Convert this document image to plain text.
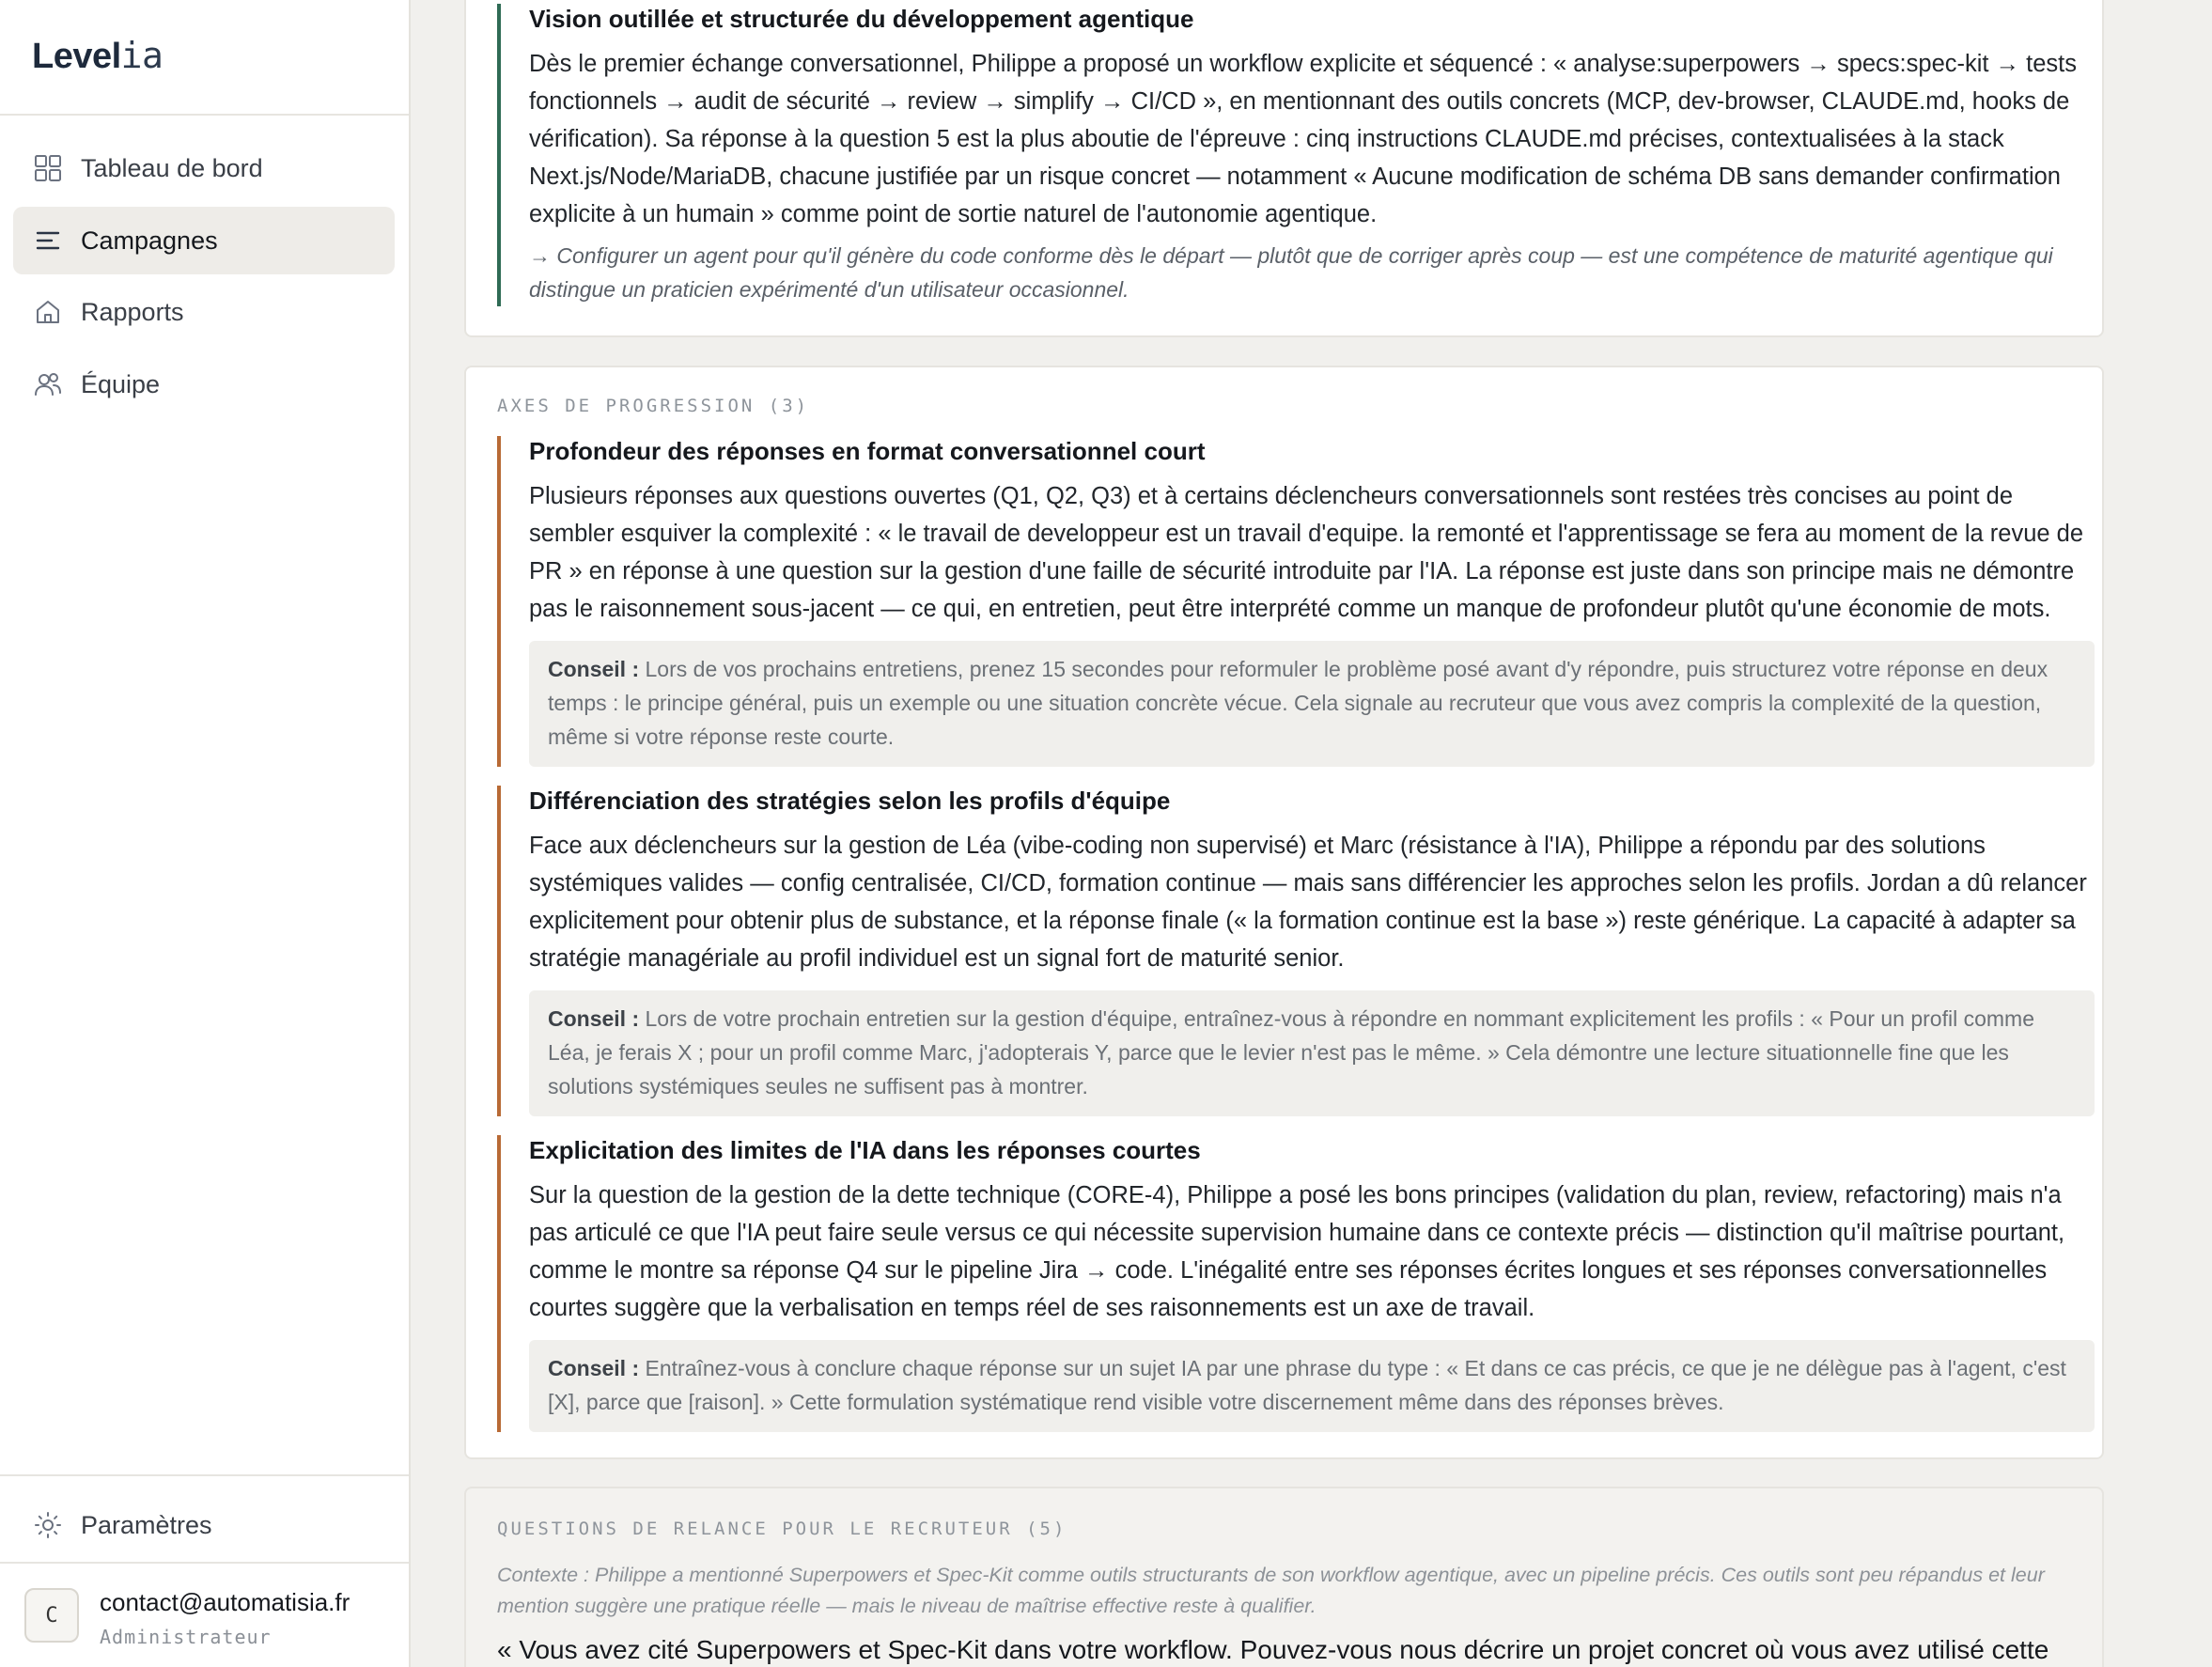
Levelia
Tableau de bord
Campagnes
Rapports
Équipe
Paramètres
C	contact@automatisia.fr
Administrateur
Vision outillée et structurée du développement agentique
Dès le premier échange conversationnel, Philippe a proposé un workflow explicite et séquencé : « analyse:superpowers → specs:spec-kit → tests fonctionnels → audit de sécurité → review → simplify → CI/CD », en mentionnant des outils concrets (MCP, dev-browser, CLAUDE.md, hooks de vérification). Sa réponse à la question 5 est la plus aboutie de l'épreuve : cinq instructions CLAUDE.md précises, contextualisées à la stack Next.js/Node/MariaDB, chacune justifiée par un risque concret — notamment « Aucune modification de schéma DB sans demander confirmation explicite à un humain » comme point de sortie naturel de l'autonomie agentique.
→ Configurer un agent pour qu'il génère du code conforme dès le départ — plutôt que de corriger après coup — est une compétence de maturité agentique qui distingue un praticien expérimenté d'un utilisateur occasionnel.
AXES DE PROGRESSION (3)
Profondeur des réponses en format conversationnel court
Plusieurs réponses aux questions ouvertes (Q1, Q2, Q3) et à certains déclencheurs conversationnels sont restées très concises au point de sembler esquiver la complexité : « le travail de developpeur est un travail d'equipe. la remonté et l'apprentissage se fera au moment de la revue de PR » en réponse à une question sur la gestion d'une faille de sécurité introduite par l'IA. La réponse est juste dans son principe mais ne démontre pas le raisonnement sous-jacent — ce qui, en entretien, peut être interprété comme un manque de profondeur plutôt qu'une économie de mots.
Conseil : Lors de vos prochains entretiens, prenez 15 secondes pour reformuler le problème posé avant d'y répondre, puis structurez votre réponse en deux temps : le principe général, puis un exemple ou une situation concrète vécue. Cela signale au recruteur que vous avez compris la complexité de la question, même si votre réponse reste courte.
Différenciation des stratégies selon les profils d'équipe
Face aux déclencheurs sur la gestion de Léa (vibe-coding non supervisé) et Marc (résistance à l'IA), Philippe a répondu par des solutions systémiques valides — config centralisée, CI/CD, formation continue — mais sans différencier les approches selon les profils. Jordan a dû relancer explicitement pour obtenir plus de substance, et la réponse finale (« la formation continue est la base ») reste générique. La capacité à adapter sa stratégie managériale au profil individuel est un signal fort de maturité senior.
Conseil : Lors de votre prochain entretien sur la gestion d'équipe, entraînez-vous à répondre en nommant explicitement les profils : « Pour un profil comme Léa, je ferais X ; pour un profil comme Marc, j'adopterais Y, parce que le levier n'est pas le même. » Cela démontre une lecture situationnelle fine que les solutions systémiques seules ne suffisent pas à montrer.
Explicitation des limites de l'IA dans les réponses courtes
Sur la question de la gestion de la dette technique (CORE-4), Philippe a posé les bons principes (validation du plan, review, refactoring) mais n'a pas articulé ce que l'IA peut faire seule versus ce qui nécessite supervision humaine dans ce contexte précis — distinction qu'il maîtrise pourtant, comme le montre sa réponse Q4 sur le pipeline Jira → code. L'inégalité entre ses réponses écrites longues et ses réponses conversationnelles courtes suggère que la verbalisation en temps réel de ses raisonnements est un axe de travail.
Conseil : Entraînez-vous à conclure chaque réponse sur un sujet IA par une phrase du type : « Et dans ce cas précis, ce que je ne délègue pas à l'agent, c'est [X], parce que [raison]. » Cette formulation systématique rend visible votre discernement même dans des réponses brèves.
QUESTIONS DE RELANCE POUR LE RECRUTEUR (5)
Contexte : Philippe a mentionné Superpowers et Spec-Kit comme outils structurants de son workflow agentique, avec un pipeline précis. Ces outils sont peu répandus et leur mention suggère une pratique réelle — mais le niveau de maîtrise effective reste à qualifier.
« Vous avez cité Superpowers et Spec-Kit dans votre workflow. Pouvez-vous nous décrire un projet concret où vous avez utilisé cette
